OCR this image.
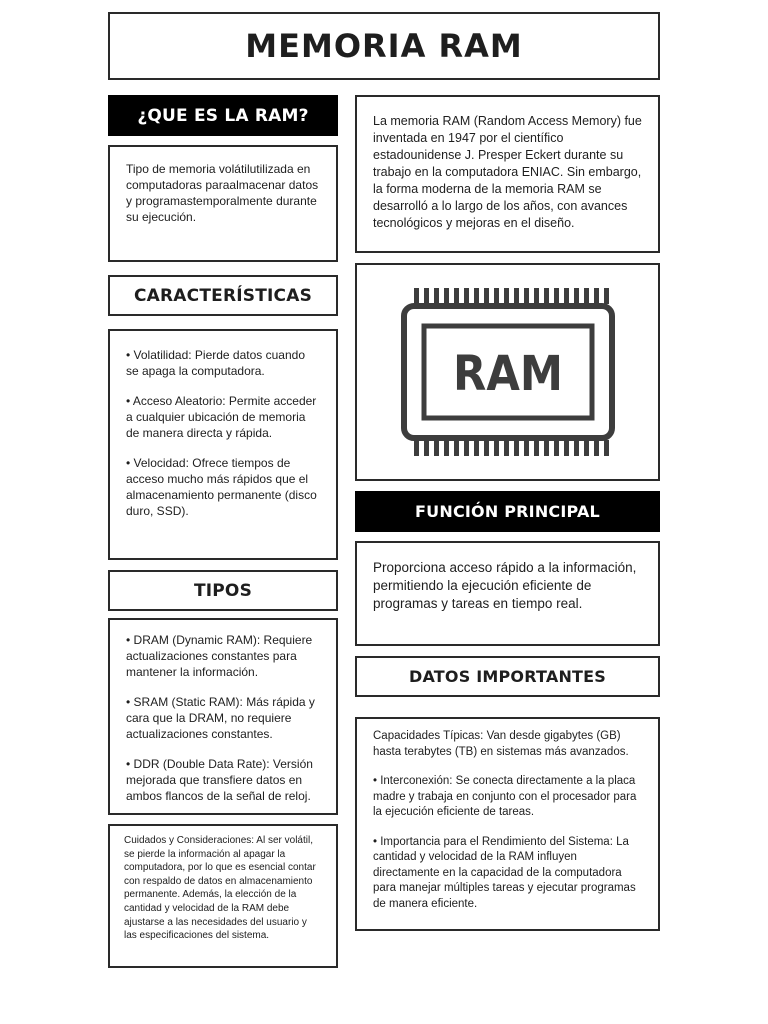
MEMORIA RAM
¿QUE ES LA RAM?
Tipo de memoria volátilutilizada en computadoras paraalmacenar datos y programastemporalmente durante su ejecución.
La memoria RAM (Random Access Memory) fue inventada en 1947 por el científico estadounidense J. Presper Eckert durante su trabajo en la computadora ENIAC. Sin embargo, la forma moderna de la memoria RAM se desarrolló a lo largo de los años, con avances tecnológicos y mejoras en el diseño.
CARACTERÍSTICAS

• Volatilidad: Pierde datos cuando se apaga la computadora.

• Acceso Aleatorio: Permite acceder a cualquier ubicación de memoria de manera directa y rápida.

• Velocidad: Ofrece tiempos de acceso mucho más rápidos que el almacenamiento permanente (disco duro, SSD).

RAM
FUNCIÓN PRINCIPAL
Proporciona acceso rápido a la información, permitiendo la ejecución eficiente de programas y tareas en tiempo real.
TIPOS

• DRAM (Dynamic RAM): Requiere actualizaciones constantes para mantener la información.

• SRAM (Static RAM): Más rápida y cara que la DRAM, no requiere actualizaciones constantes.

• DDR (Double Data Rate): Versión mejorada que transfiere datos en ambos flancos de la señal de reloj.

DATOS IMPORTANTES

Capacidades Típicas: Van desde gigabytes (GB) hasta terabytes (TB) en sistemas más avanzados.

• Interconexión: Se conecta directamente a la placa madre y trabaja en conjunto con el procesador para la ejecución eficiente de tareas.

• Importancia para el Rendimiento del Sistema: La cantidad y velocidad de la RAM influyen directamente en la capacidad de la computadora para manejar múltiples tareas y ejecutar programas de manera eficiente.

Cuidados y Consideraciones: Al ser volátil, se pierde la información al apagar la computadora, por lo que es esencial contar con respaldo de datos en almacenamiento permanente. Además, la elección de la cantidad y velocidad de la RAM debe ajustarse a las necesidades del usuario y las especificaciones del sistema.
